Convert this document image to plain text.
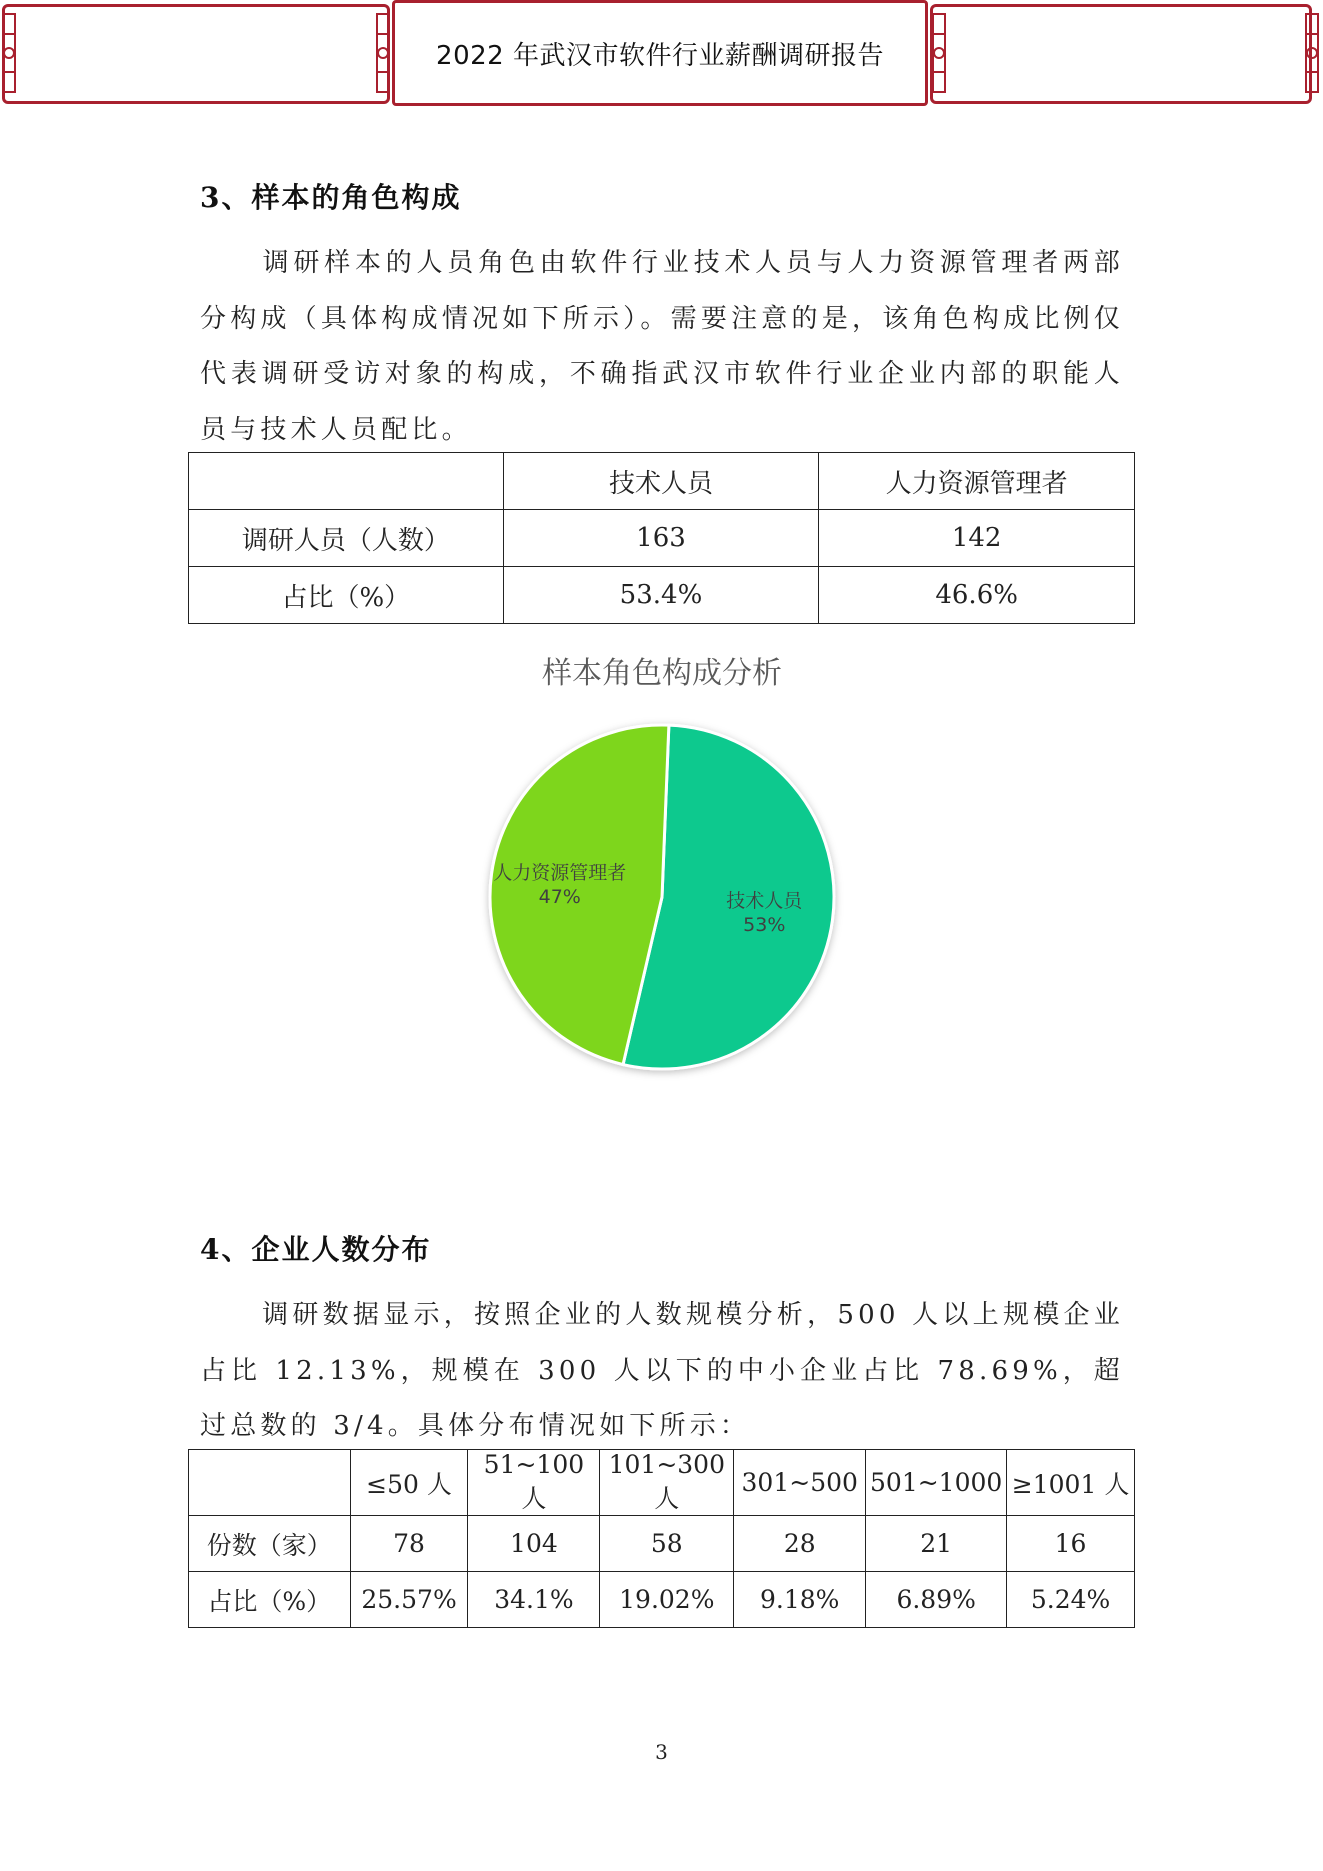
2022 年武汉市软件行业薪酬调研报告
3、样本的角色构成
调研样本的人员角色由软件行业技术人员与人力资源管理者两部分构成（具体构成情况如下所示）。需要注意的是，该角色构成比例仅代表调研受访对象的构成，不确指武汉市软件行业企业内部的职能人员与技术人员配比。
	技术人员	人力资源管理者
调研人员（人数）	163	142
占比（%）	53.4%	46.6%
样本角色构成分析
技术人员
53%
人力资源管理者
47%
4、企业人数分布
调研数据显示，按照企业的人数规模分析，500 人以上规模企业占比 12.13%，规模在 300 人以下的中小企业占比 78.69%，超过总数的 3/4。具体分布情况如下所示：
	≤50 人	51~100 人	101~300 人	301~500	501~1000	≥1001 人
份数（家）	78	104	58	28	21	16
占比（%）	25.57%	34.1%	19.02%	9.18%	6.89%	5.24%
3
